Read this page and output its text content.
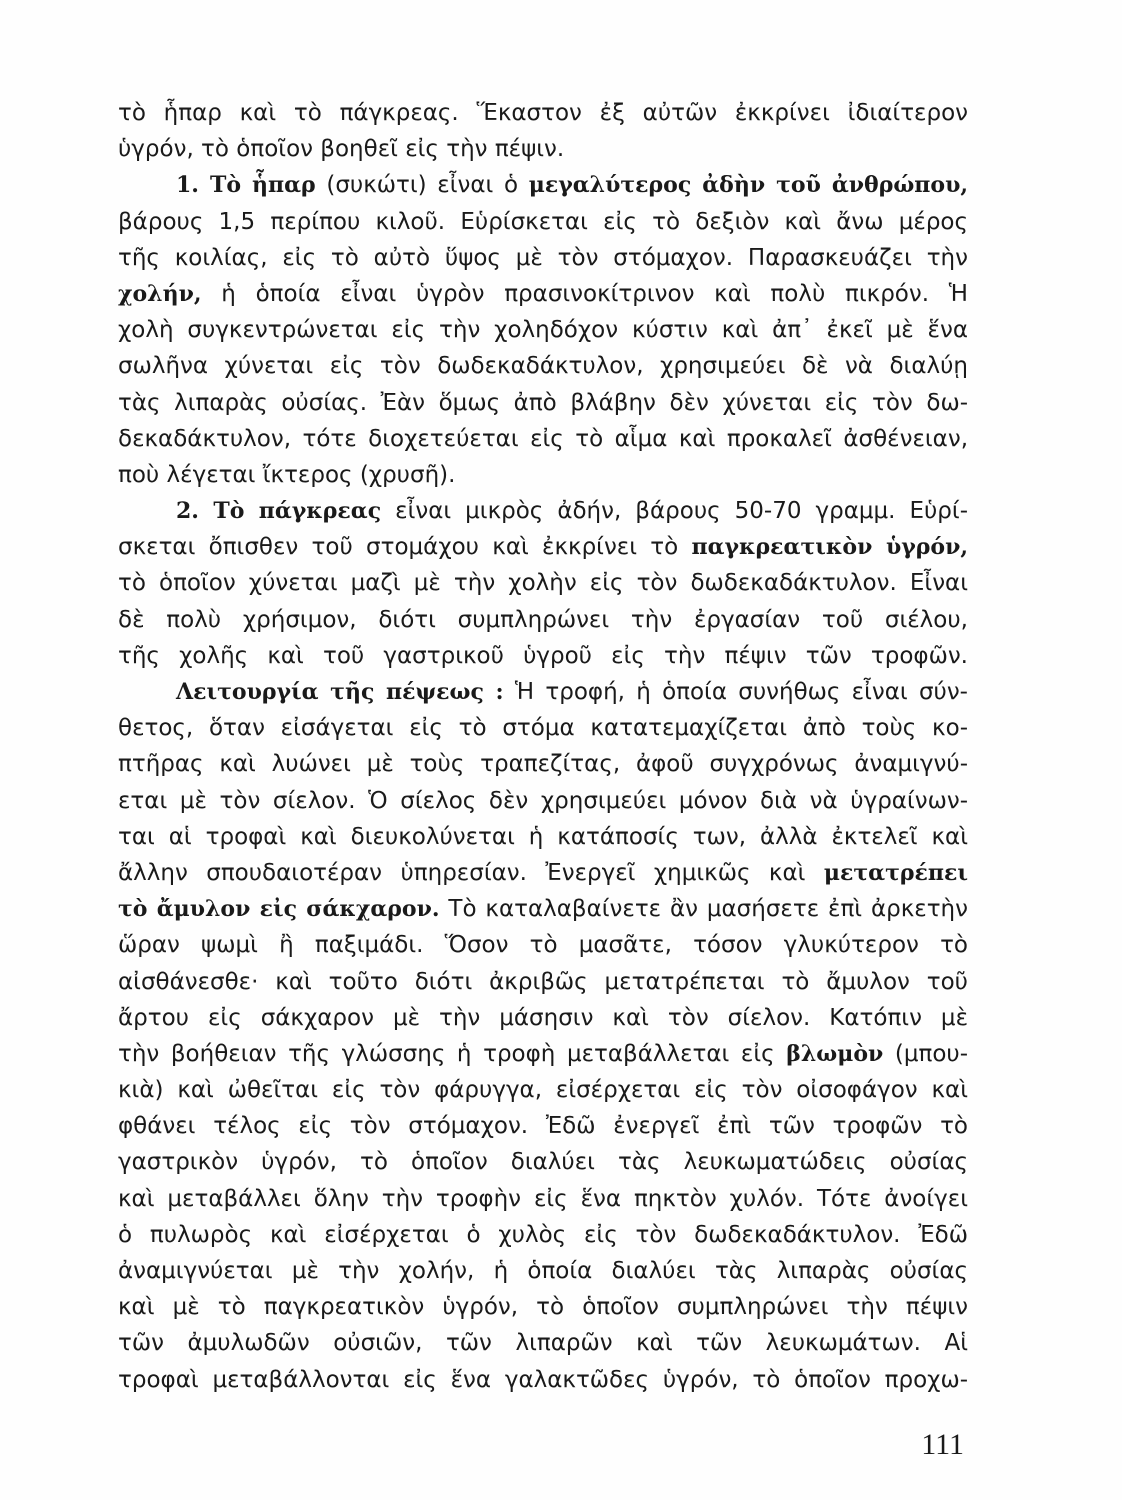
τὸ ἧπαρ καὶ τὸ πάγκρεας. Ἕκαστον ἐξ αὐτῶν ἐκκρίνει ἰδιαίτερον
ὑγρόν, τὸ ὁποῖον βοηθεῖ εἰς τὴν πέψιν.
1. Τὸ ἧπαρ (συκώτι) εἶναι ὁ μεγαλύτερος ἀδὴν τοῦ ἀνθρώπου,
βάρους 1,5 περίπου κιλοῦ. Εὑρίσκεται εἰς τὸ δεξιὸν καὶ ἄνω μέρος
τῆς κοιλίας, εἰς τὸ αὐτὸ ὕψος μὲ τὸν στόμαχον. Παρασκευάζει τὴν
χολήν, ἡ ὁποία εἶναι ὑγρὸν πρασινοκίτρινον καὶ πολὺ πικρόν. Ἡ
χολὴ συγκεντρώνεται εἰς τὴν χοληδόχον κύστιν καὶ ἀπ᾿ ἐκεῖ μὲ ἕνα
σωλῆνα χύνεται εἰς τὸν δωδεκαδάκτυλον, χρησιμεύει δὲ νὰ διαλύῃ
τὰς λιπαρὰς οὐσίας. Ἐὰν ὅμως ἀπὸ βλάβην δὲν χύνεται εἰς τὸν δω-
δεκαδάκτυλον, τότε διοχετεύεται εἰς τὸ αἷμα καὶ προκαλεῖ ἀσθένειαν,
ποὺ λέγεται ἴκτερος (χρυσῆ).
2. Τὸ πάγκρεας εἶναι μικρὸς ἀδήν, βάρους 50-70 γραμμ. Εὑρί-
σκεται ὄπισθεν τοῦ στομάχου καὶ ἐκκρίνει τὸ παγκρεατικὸν ὑγρόν,
τὸ ὁποῖον χύνεται μαζὶ μὲ τὴν χολὴν εἰς τὸν δωδεκαδάκτυλον. Εἶναι
δὲ πολὺ χρήσιμον, διότι συμπληρώνει τὴν ἐργασίαν τοῦ σιέλου,
τῆς χολῆς καὶ τοῦ γαστρικοῦ ὑγροῦ εἰς τὴν πέψιν τῶν τροφῶν.
Λειτουργία τῆς πέψεως : Ἡ τροφή, ἡ ὁποία συνήθως εἶναι σύν-
θετος, ὅταν εἰσάγεται εἰς τὸ στόμα κατατεμαχίζεται ἀπὸ τοὺς κο-
πτῆρας καὶ λυώνει μὲ τοὺς τραπεζίτας, ἀφοῦ συγχρόνως ἀναμιγνύ-
εται μὲ τὸν σίελον. Ὁ σίελος δὲν χρησιμεύει μόνον διὰ νὰ ὑγραίνων-
ται αἱ τροφαὶ καὶ διευκολύνεται ἡ κατάποσίς των, ἀλλὰ ἐκτελεῖ καὶ
ἄλλην σπουδαιοτέραν ὑπηρεσίαν. Ἐνεργεῖ χημικῶς καὶ μετατρέπει
τὸ ἄμυλον εἰς σάκχαρον. Τὸ καταλαβαίνετε ἂν μασήσετε ἐπὶ ἀρκετὴν
ὥραν ψωμὶ ἢ παξιμάδι. Ὅσον τὸ μασᾶτε, τόσον γλυκύτερον τὸ
αἰσθάνεσθε· καὶ τοῦτο διότι ἀκριβῶς μετατρέπεται τὸ ἄμυλον τοῦ
ἄρτου εἰς σάκχαρον μὲ τὴν μάσησιν καὶ τὸν σίελον. Κατόπιν μὲ
τὴν βοήθειαν τῆς γλώσσης ἡ τροφὴ μεταβάλλεται εἰς βλωμὸν (μπου-
κιὰ) καὶ ὠθεῖται εἰς τὸν φάρυγγα, εἰσέρχεται εἰς τὸν οἰσοφάγον καὶ
φθάνει τέλος εἰς τὸν στόμαχον. Ἐδῶ ἐνεργεῖ ἐπὶ τῶν τροφῶν τὸ
γαστρικὸν ὑγρόν, τὸ ὁποῖον διαλύει τὰς λευκωματώδεις οὐσίας
καὶ μεταβάλλει ὅλην τὴν τροφὴν εἰς ἕνα πηκτὸν χυλόν. Τότε ἀνοίγει
ὁ πυλωρὸς καὶ εἰσέρχεται ὁ χυλὸς εἰς τὸν δωδεκαδάκτυλον. Ἐδῶ
ἀναμιγνύεται μὲ τὴν χολήν, ἡ ὁποία διαλύει τὰς λιπαρὰς οὐσίας
καὶ μὲ τὸ παγκρεατικὸν ὑγρόν, τὸ ὁποῖον συμπληρώνει τὴν πέψιν
τῶν ἀμυλωδῶν οὐσιῶν, τῶν λιπαρῶν καὶ τῶν λευκωμάτων. Αἱ
τροφαὶ μεταβάλλονται εἰς ἕνα γαλακτῶδες ὑγρόν, τὸ ὁποῖον προχω-
111
